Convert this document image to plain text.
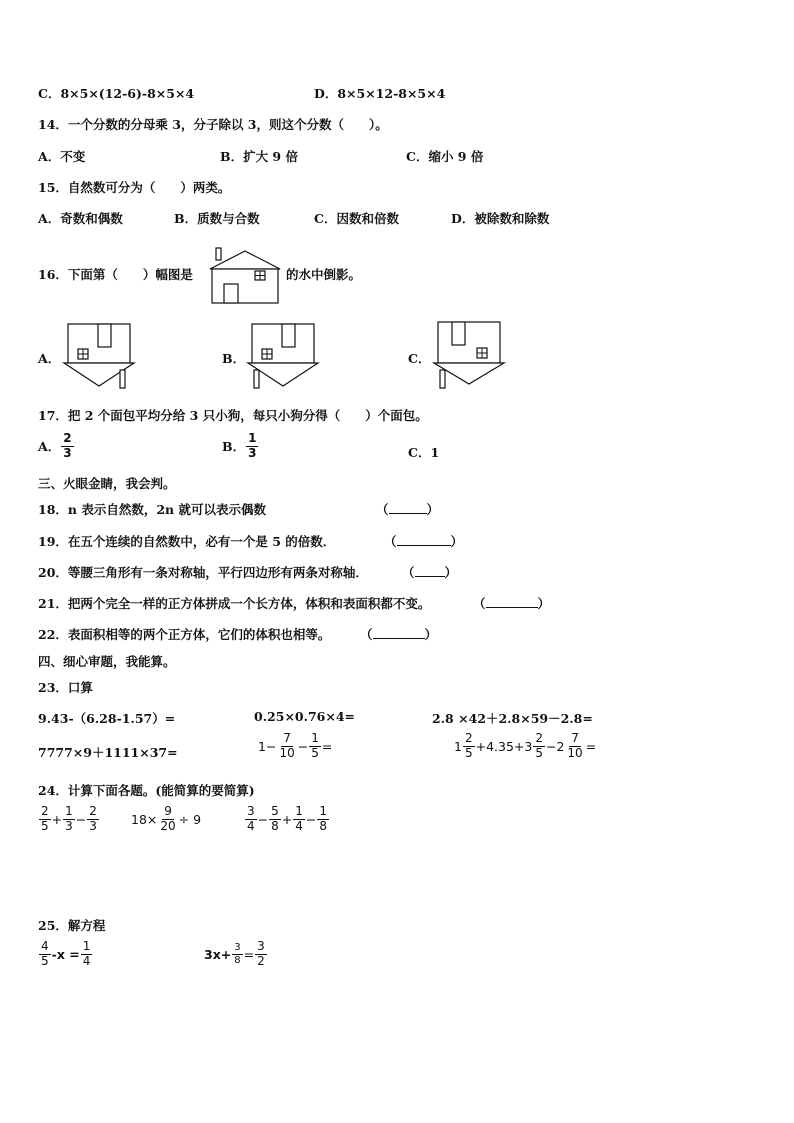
C．8×5×(12-6)-8×5×4	D．8×5×12-8×5×4
14．一个分数的分母乘 3，分子除以 3，则这个分数（　　）。
A．不变	B．扩大 9 倍	C．缩小 9 倍
15．自然数可分为（　　）两类。
A．奇数和偶数	B．质数与合数	C．因数和倍数	D．被除数和除数
16．下面第（　　）幅图是	的水中倒影。
A．	B．	C．
17．把 2 个面包平均分给 3 只小狗，每只小狗分得（　　）个面包。
A． $\frac{2}{3}$	B． $\frac{1}{3}$	C．1
三、火眼金睛，我会判。
18．n 表示自然数，2n 就可以表示偶数	（	）
19．在五个连续的自然数中，必有一个是 5 的倍数．	（	）
20．等腰三角形有一条对称轴，平行四边形有两条对称轴．	（ ）
21．把两个完全一样的正方体拼成一个长方体，体积和表面积都不变。	（	）
22．表面积相等的两个正方体，它们的体积也相等。 （	）
四、细心审题，我能算。
23．口算
9.43-（6.28-1.57）=	0.25×0.76×4=	2.8 ×42＋2.8×59－2.8=
7777×9＋1111×37=	$1- \frac{7}{10} - \frac{1}{5}$ =	$1 \frac{2}{5} +4.35+3 \frac{2}{5} -2 \frac{7}{10}$ =
24．计算下面各题。(能简算的要简算)
$\frac{2}{5} + \frac{1}{3} - \frac{2}{3}$	$18\times \frac{9}{20} \div 9$	$\frac{3}{4} - \frac{5}{8} + \frac{1}{4} - \frac{1}{8}$
25．解方程
$\frac{4}{5} -x = \frac{1}{4}$	$3x+ \frac{3}{8} = \frac{3}{2}$
